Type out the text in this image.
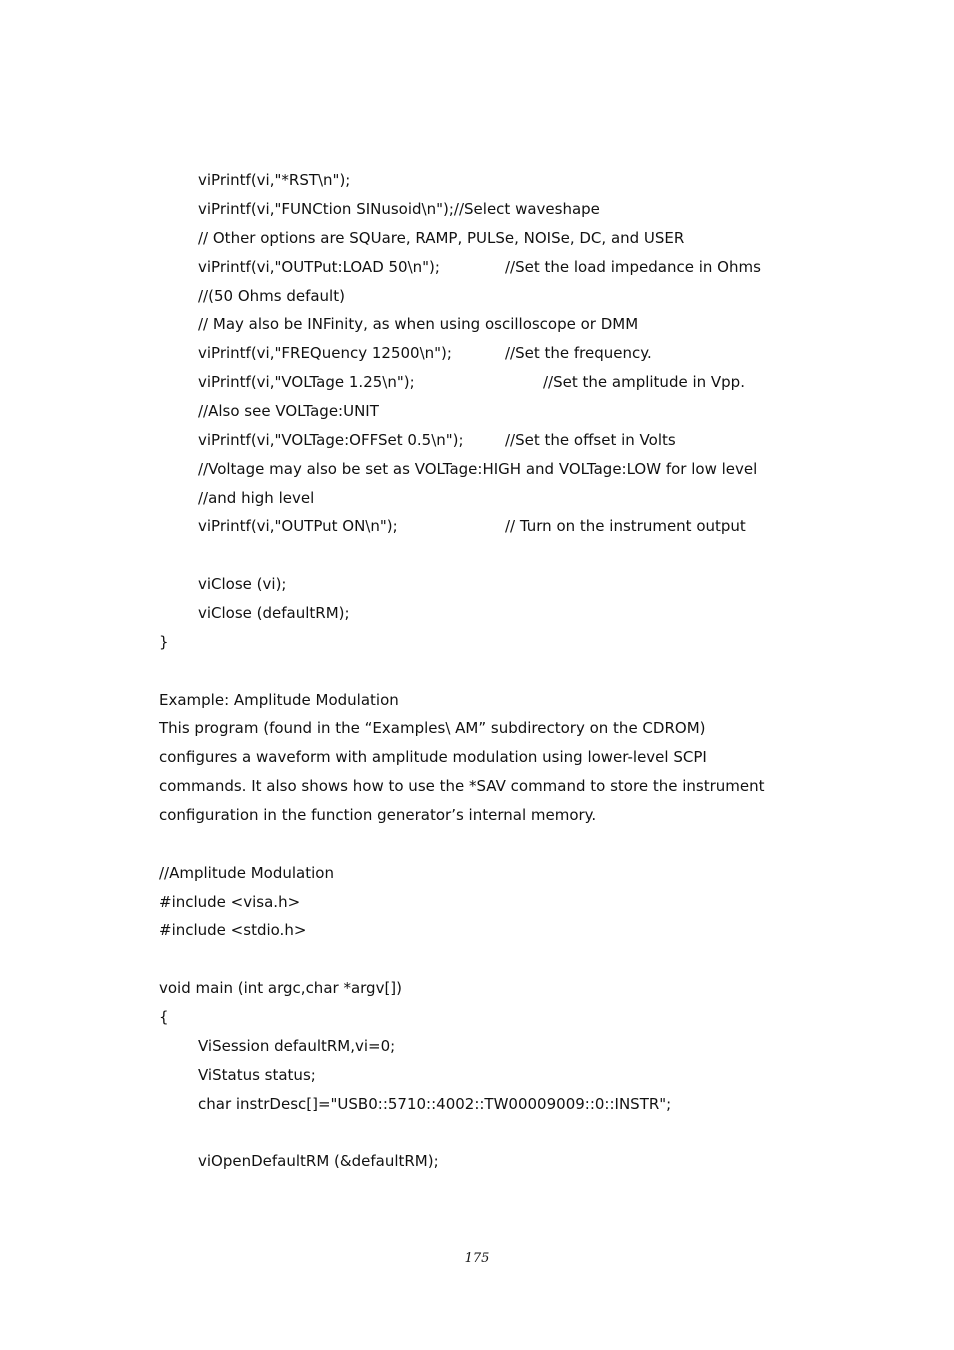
viPrintf(vi,"*RST\n");
viPrintf(vi,"FUNCtion SINusoid\n");//Select waveshape
// Other options are SQUare, RAMP, PULSe, NOISe, DC, and USER
viPrintf(vi,"OUTPut:LOAD 50\n");	//Set the load impedance in Ohms
//(50 Ohms default)
// May also be INFinity, as when using oscilloscope or DMM
viPrintf(vi,"FREQuency 12500\n");	//Set the frequency.
viPrintf(vi,"VOLTage 1.25\n");	//Set the amplitude in Vpp.
//Also see VOLTage:UNIT
viPrintf(vi,"VOLTage:OFFSet 0.5\n");	//Set the offset in Volts
//Voltage may also be set as VOLTage:HIGH and VOLTage:LOW for low level
//and high level
viPrintf(vi,"OUTPut ON\n");	// Turn on the instrument output
viClose (vi);
viClose (defaultRM);
}
Example: Amplitude Modulation
This program (found in the “Examples\ AM” subdirectory on the CDROM)
configures a waveform with amplitude modulation using lower-level SCPI
commands. It also shows how to use the *SAV command to store the instrument
configuration in the function generator’s internal memory.
//Amplitude Modulation
#include <visa.h>
#include <stdio.h>
void main (int argc,char *argv[])
{
ViSession defaultRM,vi=0;
ViStatus status;
char instrDesc[]="USB0::5710::4002::TW00009009::0::INSTR";
viOpenDefaultRM (&defaultRM);
175
